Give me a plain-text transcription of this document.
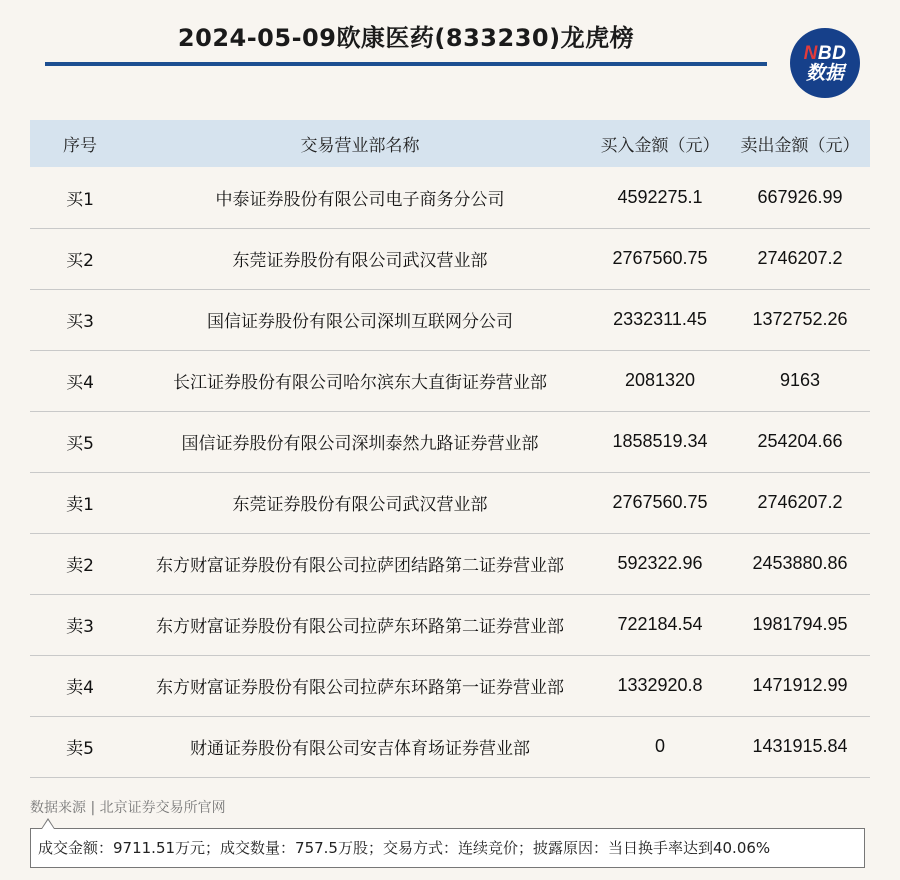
2024-05-09欧康医药(833230)龙虎榜
NBD
数据
序号	交易营业部名称	买入金额（元）	卖出金额（元）
买1	中泰证券股份有限公司电子商务分公司	4592275.1	667926.99
买2	东莞证券股份有限公司武汉营业部	2767560.75	2746207.2
买3	国信证券股份有限公司深圳互联网分公司	2332311.45	1372752.26
买4	长江证券股份有限公司哈尔滨东大直街证券营业部	2081320	9163
买5	国信证券股份有限公司深圳泰然九路证券营业部	1858519.34	254204.66
卖1	东莞证券股份有限公司武汉营业部	2767560.75	2746207.2
卖2	东方财富证券股份有限公司拉萨团结路第二证券营业部	592322.96	2453880.86
卖3	东方财富证券股份有限公司拉萨东环路第二证券营业部	722184.54	1981794.95
卖4	东方财富证券股份有限公司拉萨东环路第一证券营业部	1332920.8	1471912.99
卖5	财通证券股份有限公司安吉体育场证券营业部	0	1431915.84
数据来源 | 北京证券交易所官网
成交金额：9711.51万元；成交数量：757.5万股；交易方式：连续竞价；披露原因：当日换手率达到40.06%
